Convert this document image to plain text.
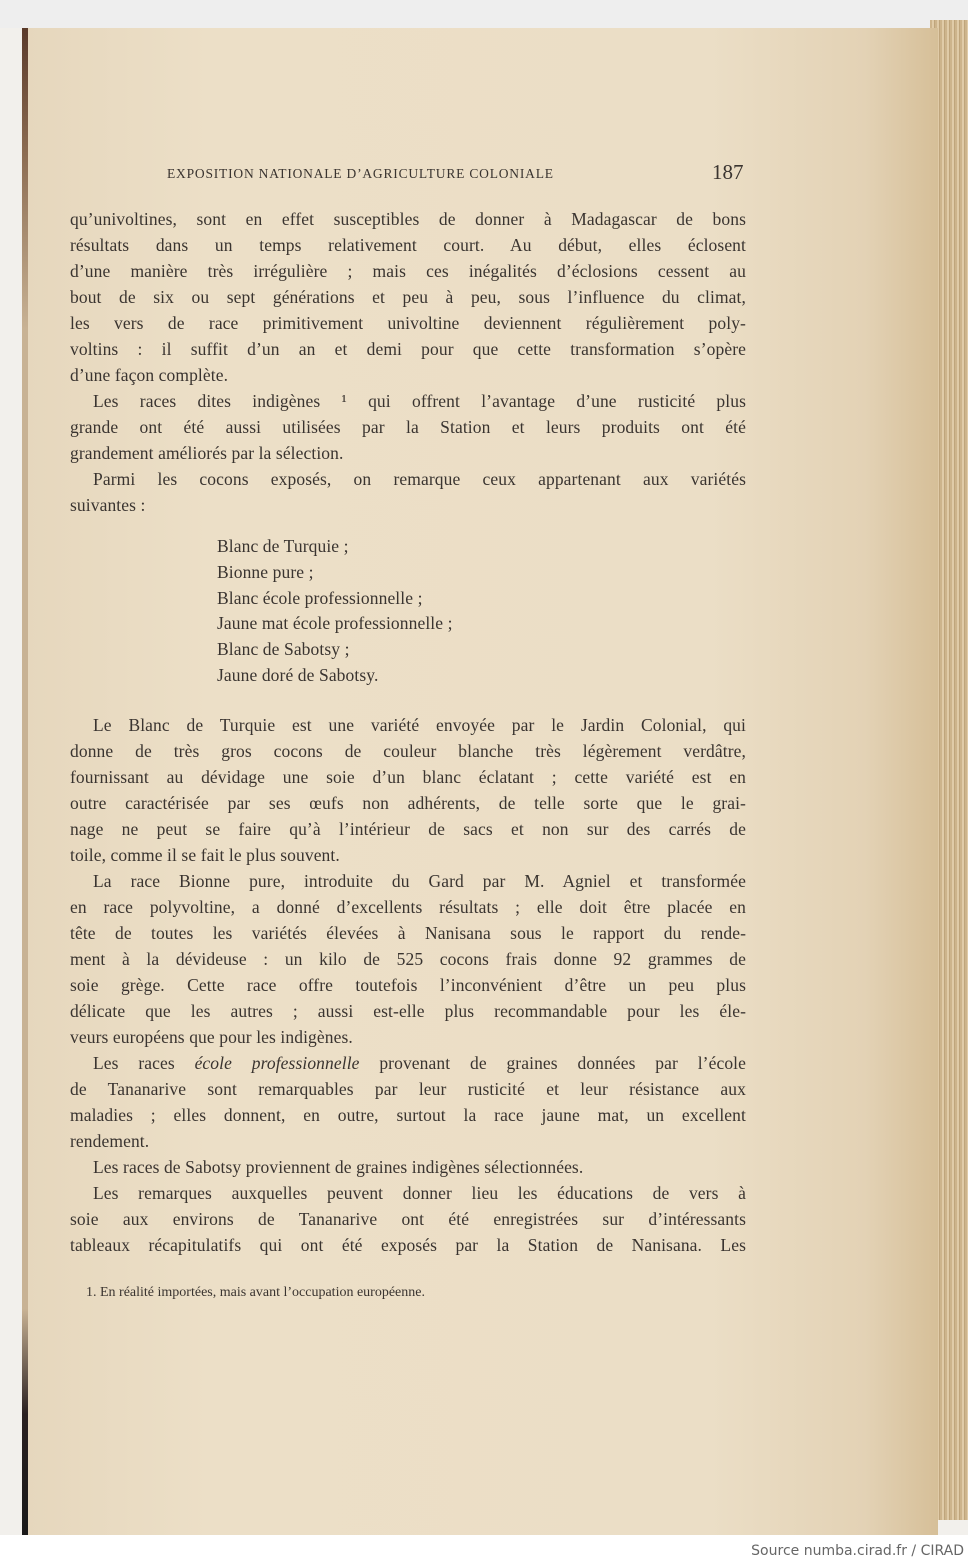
EXPOSITION NATIONALE D’AGRICULTURE COLONIALE	187
qu’univoltines, sont en effet susceptibles de donner à Madagascar de bons
résultats dans un temps relativement court. Au début, elles éclosent
d’une manière très irrégulière ; mais ces inégalités d’éclosions cessent au
bout de six ou sept générations et peu à peu, sous l’influence du climat,
les vers de race primitivement univoltine deviennent régulièrement poly-
voltins : il suffit d’un an et demi pour que cette transformation s’opère
d’une façon complète.
Les races dites indigènes ¹ qui offrent l’avantage d’une rusticité plus
grande ont été aussi utilisées par la Station et leurs produits ont été
grandement améliorés par la sélection.
Parmi les cocons exposés, on remarque ceux appartenant aux variétés
suivantes :
Blanc de Turquie ;
Bionne pure ;
Blanc école professionnelle ;
Jaune mat école professionnelle ;
Blanc de Sabotsy ;
Jaune doré de Sabotsy.
Le Blanc de Turquie est une variété envoyée par le Jardin Colonial, qui
donne de très gros cocons de couleur blanche très légèrement verdâtre,
fournissant au dévidage une soie d’un blanc éclatant ; cette variété est en
outre caractérisée par ses œufs non adhérents, de telle sorte que le grai-
nage ne peut se faire qu’à l’intérieur de sacs et non sur des carrés de
toile, comme il se fait le plus souvent.
La race Bionne pure, introduite du Gard par M. Agniel et transformée
en race polyvoltine, a donné d’excellents résultats ; elle doit être placée en
tête de toutes les variétés élevées à Nanisana sous le rapport du rende-
ment à la dévideuse : un kilo de 525 cocons frais donne 92 grammes de
soie grège. Cette race offre toutefois l’inconvénient d’être un peu plus
délicate que les autres ; aussi est-elle plus recommandable pour les éle-
veurs européens que pour les indigènes.
Les races école professionnelle provenant de graines données par l’école
de Tananarive sont remarquables par leur rusticité et leur résistance aux
maladies ; elles donnent, en outre, surtout la race jaune mat, un excellent
rendement.
Les races de Sabotsy proviennent de graines indigènes sélectionnées.
Les remarques auxquelles peuvent donner lieu les éducations de vers à
soie aux environs de Tananarive ont été enregistrées sur d’intéressants
tableaux récapitulatifs qui ont été exposés par la Station de Nanisana. Les
1. En réalité importées, mais avant l’occupation européenne.
Source numba.cirad.fr / CIRAD
